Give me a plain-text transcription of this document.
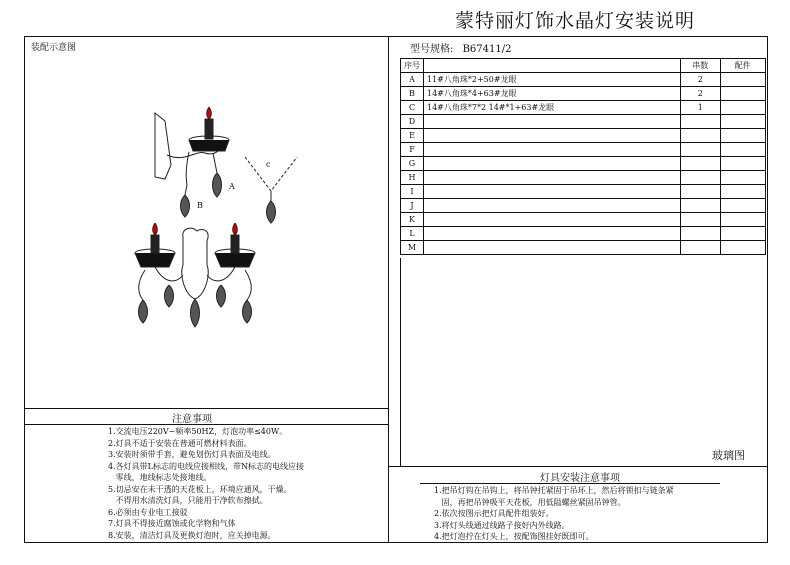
蒙特丽灯饰水晶灯安装说明
装配示意图
A
B
c
注意事项
1.交流电压220V~频率50HZ，灯泡功率≤40W。
2.灯具不适于安装在普通可燃材料表面。
3.安装时须带手套，避免划伤灯具表面及电线。
4.各灯具带L标志的电线应接相线，带N标志的电线应接
零线，地线标志处接地线。
5.切忌安在未干透的天花板上，环境应通风，干燥。
不得用水清洗灯具，只能用干净软布擦拭。
6.必须由专业电工接驳
7.灯具不得接近腐蚀或化学物和气体
8.安装，清洁灯具及更换灯泡时，应关掉电源。
型号规格: B67411/2
序号		串数	配件
A	11#八角珠*2+50#龙眼	2	
B	14#八角珠*4+63#龙眼	2	
C	14#八角珠*7*2 14#*1+63#龙眼	1	
D			
E			
F			
G			
H			
I			
J			
K			
L			
M			
玻璃图
灯具安装注意事项
1.把吊灯钩在吊钩上，将吊钟托紧固于吊环上，然后将锁扣与链条紧
固，再把吊钟吸平天花板，用低隘螺丝紧固吊钟管。
2.依次按图示把灯具配件组装好。
3.将灯头线通过线路子接好内外线路。
4.把灯泡拧在灯头上，按配饰图挂好既即可。
